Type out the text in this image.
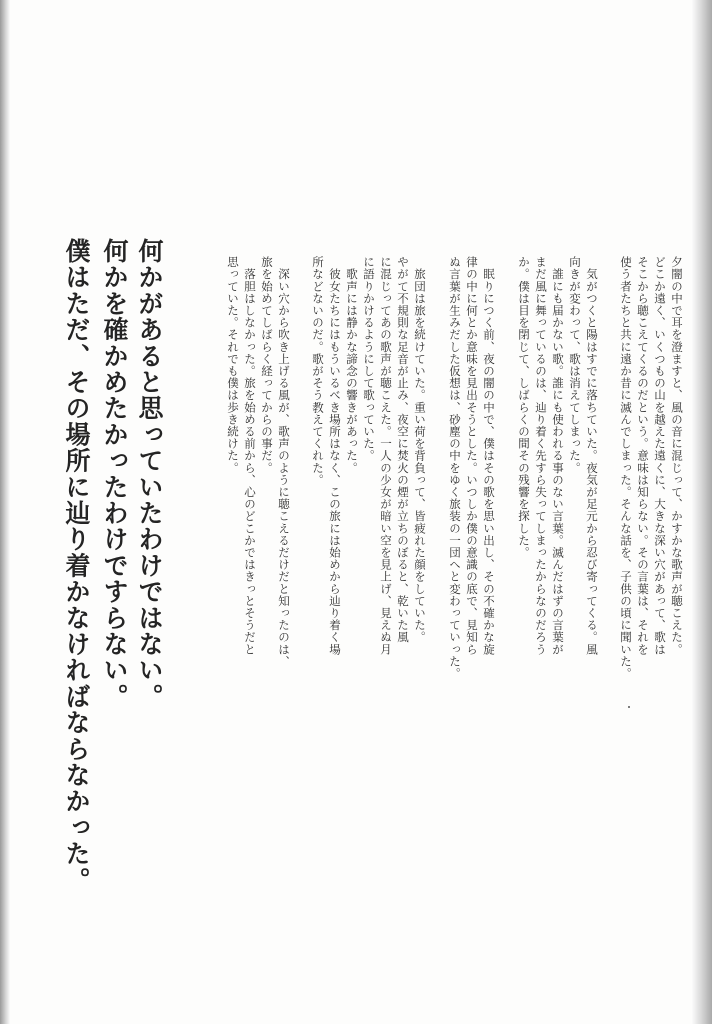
夕闇の中で耳を澄ますと、風の音に混じって、かすかな歌声が聴こえた。

どこか遠く、いくつもの山を越えた遠くに、大きな深い穴があって、歌は

そこから聴こえてくるのだという。意味は知らない。その言葉は、それを

使う者たちと共に遠か昔に滅んでしまった。そんな話を、子供の頃に聞いた。

　気がつくと陽はすでに落ちていた。夜気が足元から忍び寄ってくる。風

向きが変わって、歌は消えてしまった。

　誰にも届かない歌。誰にも使われる事のない言葉。滅んだはずの言葉が

まだ風に舞っているのは、辿り着く先すら失ってしまったからなのだろう

か。僕は目を閉じて、しばらくの間その残響を探した。

　眠りにつく前、夜の闇の中で、僕はその歌を思い出し、その不確かな旋

律の中に何とか意味を見出そうとした。いつしか僕の意識の底で、見知ら

ぬ言葉が生みだした仮想は、砂塵の中をゆく旅装の一団へと変わっていった。

　旅団は旅を続けていた。重い荷を背負って、皆疲れた顔をしていた。

やがて不規則な足音が止み、夜空に焚火の煙が立ちのぼると、乾いた風

に混じってあの歌声が聴こえた。一人の少女が暗い空を見上げ、見えぬ月

に語りかけるようにして歌っていた。

　歌声には静かな諦念の響きがあった。

　彼女たちにはもういるべき場所はなく、この旅には始めから辿り着く場

所などないのだ。歌がそう教えてくれた。

　深い穴から吹き上げる風が、歌声のように聴こえるだけだと知ったのは、

旅を始めてしばらく経ってからの事だ。

　落胆はしなかった。旅を始める前から、心のどこかではきっとそうだと

思っていた。それでも僕は歩き続けた。

何かがあると思っていたわけではない。

何かを確かめたかったわけですらない。

僕はただ、その場所に辿り着かなければならなかった。
